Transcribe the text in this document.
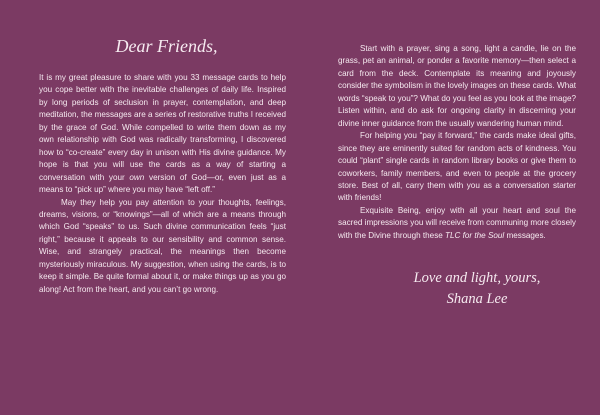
Dear Friends,

It is my great pleasure to share with you 33 message cards to help you cope better with the inevitable challenges of daily life. Inspired by long periods of seclusion in prayer, contemplation, and deep meditation, the messages are a series of restorative truths I received by the grace of God. While compelled to write them down as my own relationship with God was radically transforming, I discovered how to “co-create” every day in unison with His divine guidance. My hope is that you will use the cards as a way of starting a conversation with your own version of God—or, even just as a means to “pick up” where you may have “left off.”

May they help you pay attention to your thoughts, feelings, dreams, visions, or “knowings”—all of which are a means through which God “speaks” to us. Such divine communication feels “just right,” because it appeals to our sensibility and common sense. Wise, and strangely practical, the meanings then become mysteriously miraculous. My suggestion, when using the cards, is to keep it simple. Be quite formal about it, or make things up as you go along! Act from the heart, and you can’t go wrong.

Start with a prayer, sing a song, light a candle, lie on the grass, pet an animal, or ponder a favorite memory—then select a card from the deck. Contemplate its meaning and joyously consider the symbolism in the lovely images on these cards. What words “speak to you”? What do you feel as you look at the image? Listen within, and do ask for ongoing clarity in discerning your divine inner guidance from the usually wandering human mind.

For helping you “pay it forward,” the cards make ideal gifts, since they are eminently suited for random acts of kindness. You could “plant” single cards in random library books or give them to coworkers, family members, and even to people at the grocery store. Best of all, carry them with you as a conversation starter with friends!

Exquisite Being, enjoy with all your heart and soul the sacred impressions you will receive from communing more closely with the Divine through these TLC for the Soul messages.

Love and light, yours,
Shana Lee
